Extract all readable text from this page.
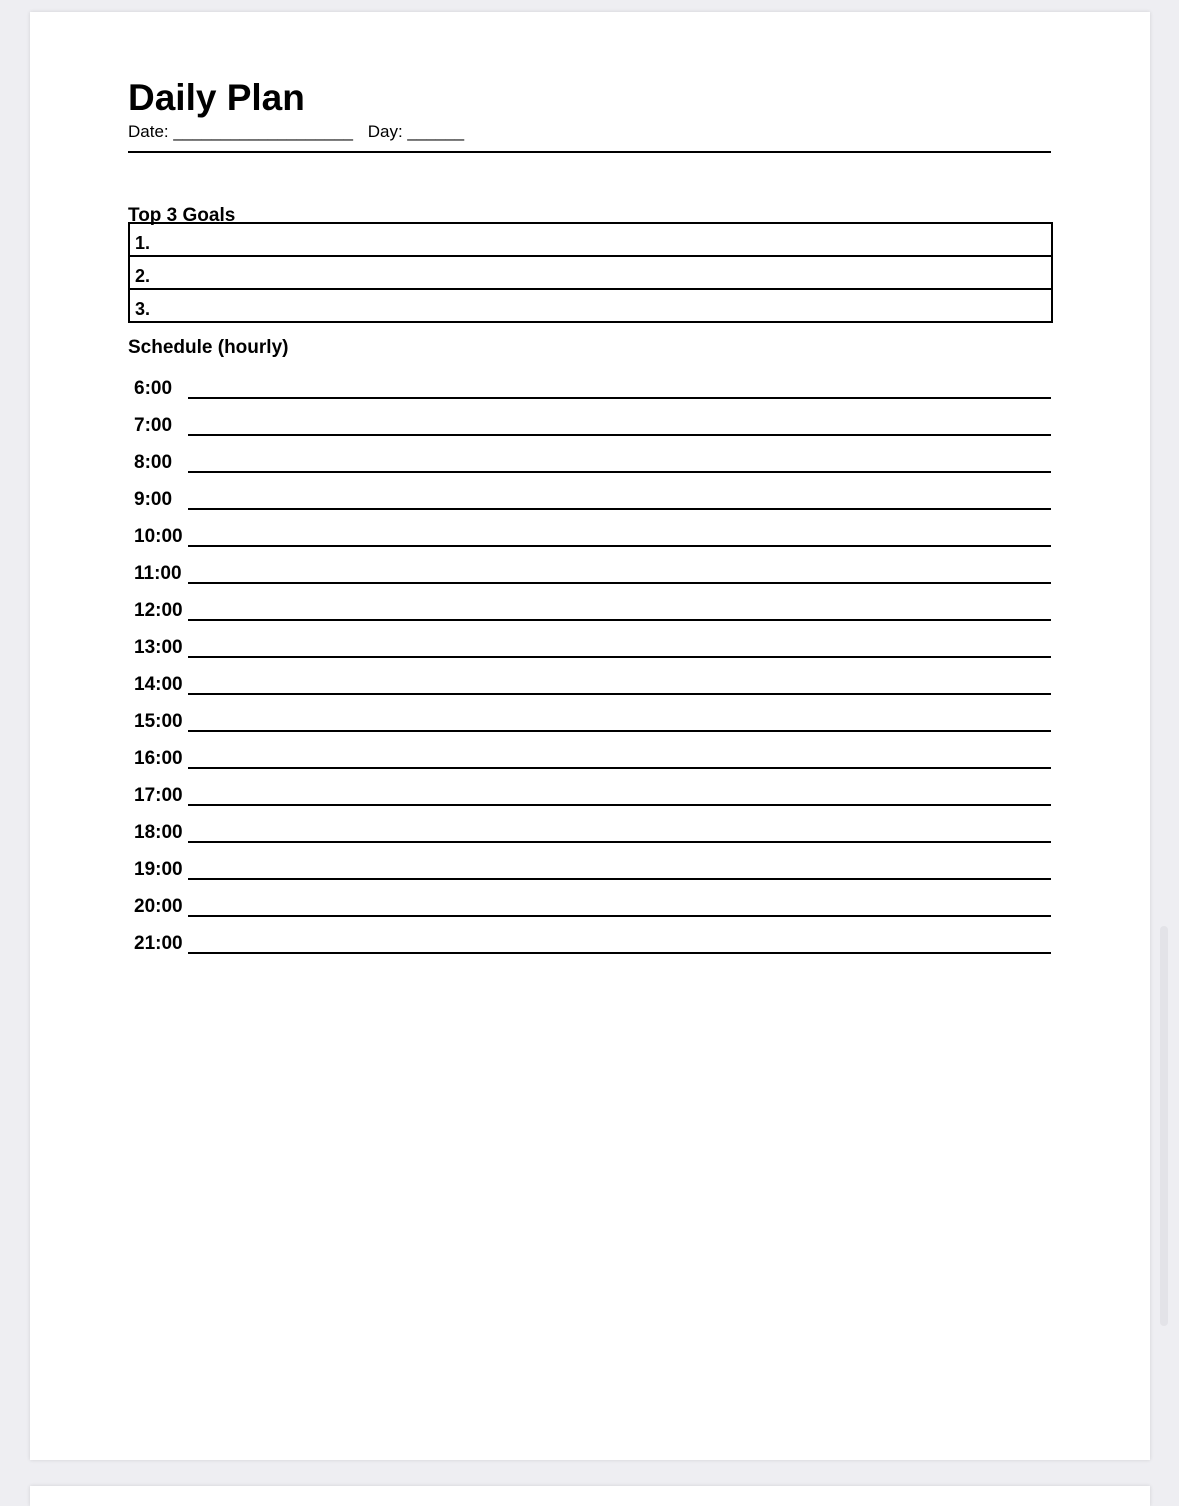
Daily Plan
Date: ___________________ Day: ______
Top 3 Goals
1.
2.
3.
Schedule (hourly)
6:00
7:00
8:00
9:00
10:00
11:00
12:00
13:00
14:00
15:00
16:00
17:00
18:00
19:00
20:00
21:00
